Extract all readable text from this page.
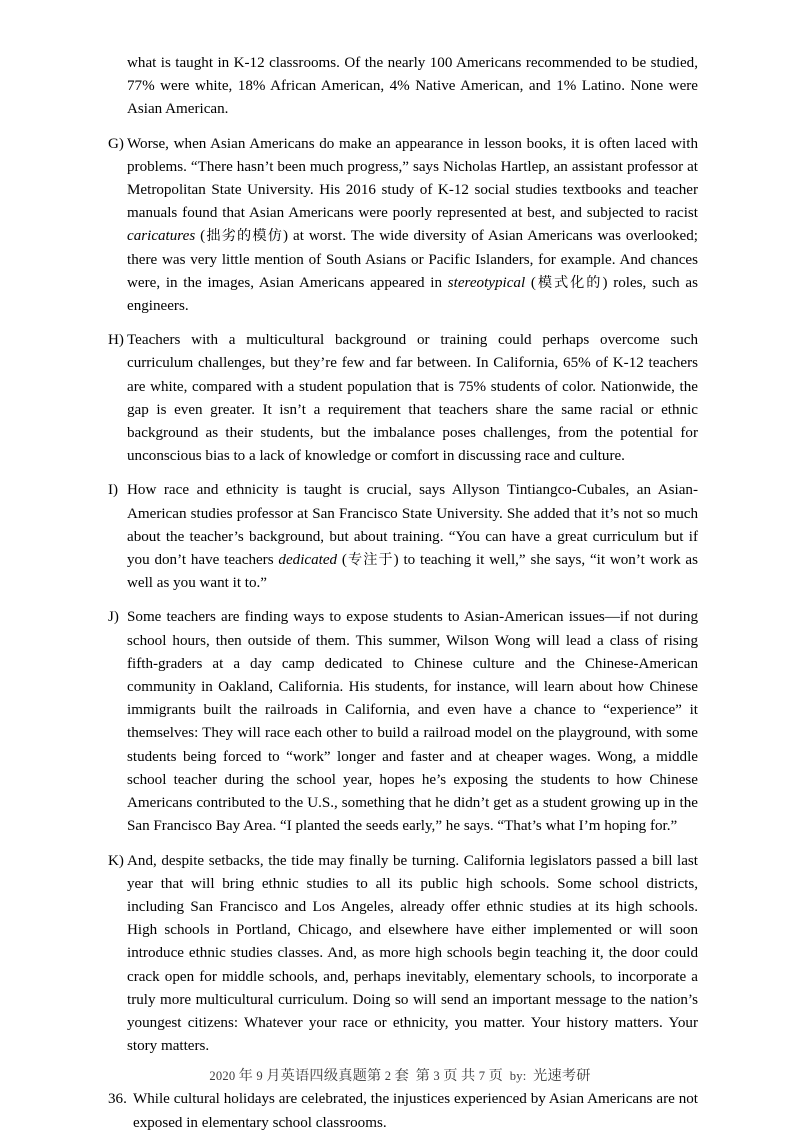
what is taught in K-12 classrooms. Of the nearly 100 Americans recommended to be studied, 77% were white, 18% African American, 4% Native American, and 1% Latino. None were Asian American.
G) Worse, when Asian Americans do make an appearance in lesson books, it is often laced with problems. “There hasn’t been much progress,” says Nicholas Hartlep, an assistant professor at Metropolitan State University. His 2016 study of K-12 social studies textbooks and teacher manuals found that Asian Americans were poorly represented at best, and subjected to racist caricatures (拙劣的模仿) at worst. The wide diversity of Asian Americans was overlooked; there was very little mention of South Asians or Pacific Islanders, for example. And chances were, in the images, Asian Americans appeared in stereotypical (模式化的) roles, such as engineers.
H) Teachers with a multicultural background or training could perhaps overcome such curriculum challenges, but they’re few and far between. In California, 65% of K-12 teachers are white, compared with a student population that is 75% students of color. Nationwide, the gap is even greater. It isn’t a requirement that teachers share the same racial or ethnic background as their students, but the imbalance poses challenges, from the potential for unconscious bias to a lack of knowledge or comfort in discussing race and culture.
I) How race and ethnicity is taught is crucial, says Allyson Tintiangco-Cubales, an Asian-American studies professor at San Francisco State University. She added that it’s not so much about the teacher’s background, but about training. “You can have a great curriculum but if you don’t have teachers dedicated (专注于) to teaching it well,” she says, “it won’t work as well as you want it to.”
J) Some teachers are finding ways to expose students to Asian-American issues—if not during school hours, then outside of them. This summer, Wilson Wong will lead a class of rising fifth-graders at a day camp dedicated to Chinese culture and the Chinese-American community in Oakland, California. His students, for instance, will learn about how Chinese immigrants built the railroads in California, and even have a chance to “experience” it themselves: They will race each other to build a railroad model on the playground, with some students being forced to “work” longer and faster and at cheaper wages. Wong, a middle school teacher during the school year, hopes he’s exposing the students to how Chinese Americans contributed to the U.S., something that he didn’t get as a student growing up in the San Francisco Bay Area. “I planted the seeds early,” he says. “That’s what I’m hoping for.”
K) And, despite setbacks, the tide may finally be turning. California legislators passed a bill last year that will bring ethnic studies to all its public high schools. Some school districts, including San Francisco and Los Angeles, already offer ethnic studies at its high schools. High schools in Portland, Chicago, and elsewhere have either implemented or will soon introduce ethnic studies classes. And, as more high schools begin teaching it, the door could crack open for middle schools, and, perhaps inevitably, elementary schools, to incorporate a truly more multicultural curriculum. Doing so will send an important message to the nation’s youngest citizens: Whatever your race or ethnicity, you matter. Your history matters. Your story matters.
36. While cultural holidays are celebrated, the injustices experienced by Asian Americans are not exposed in elementary school classrooms.
2020 年 9 月英语四级真题第 2 套 第 3 页 共 7 页  by:  光速考研
